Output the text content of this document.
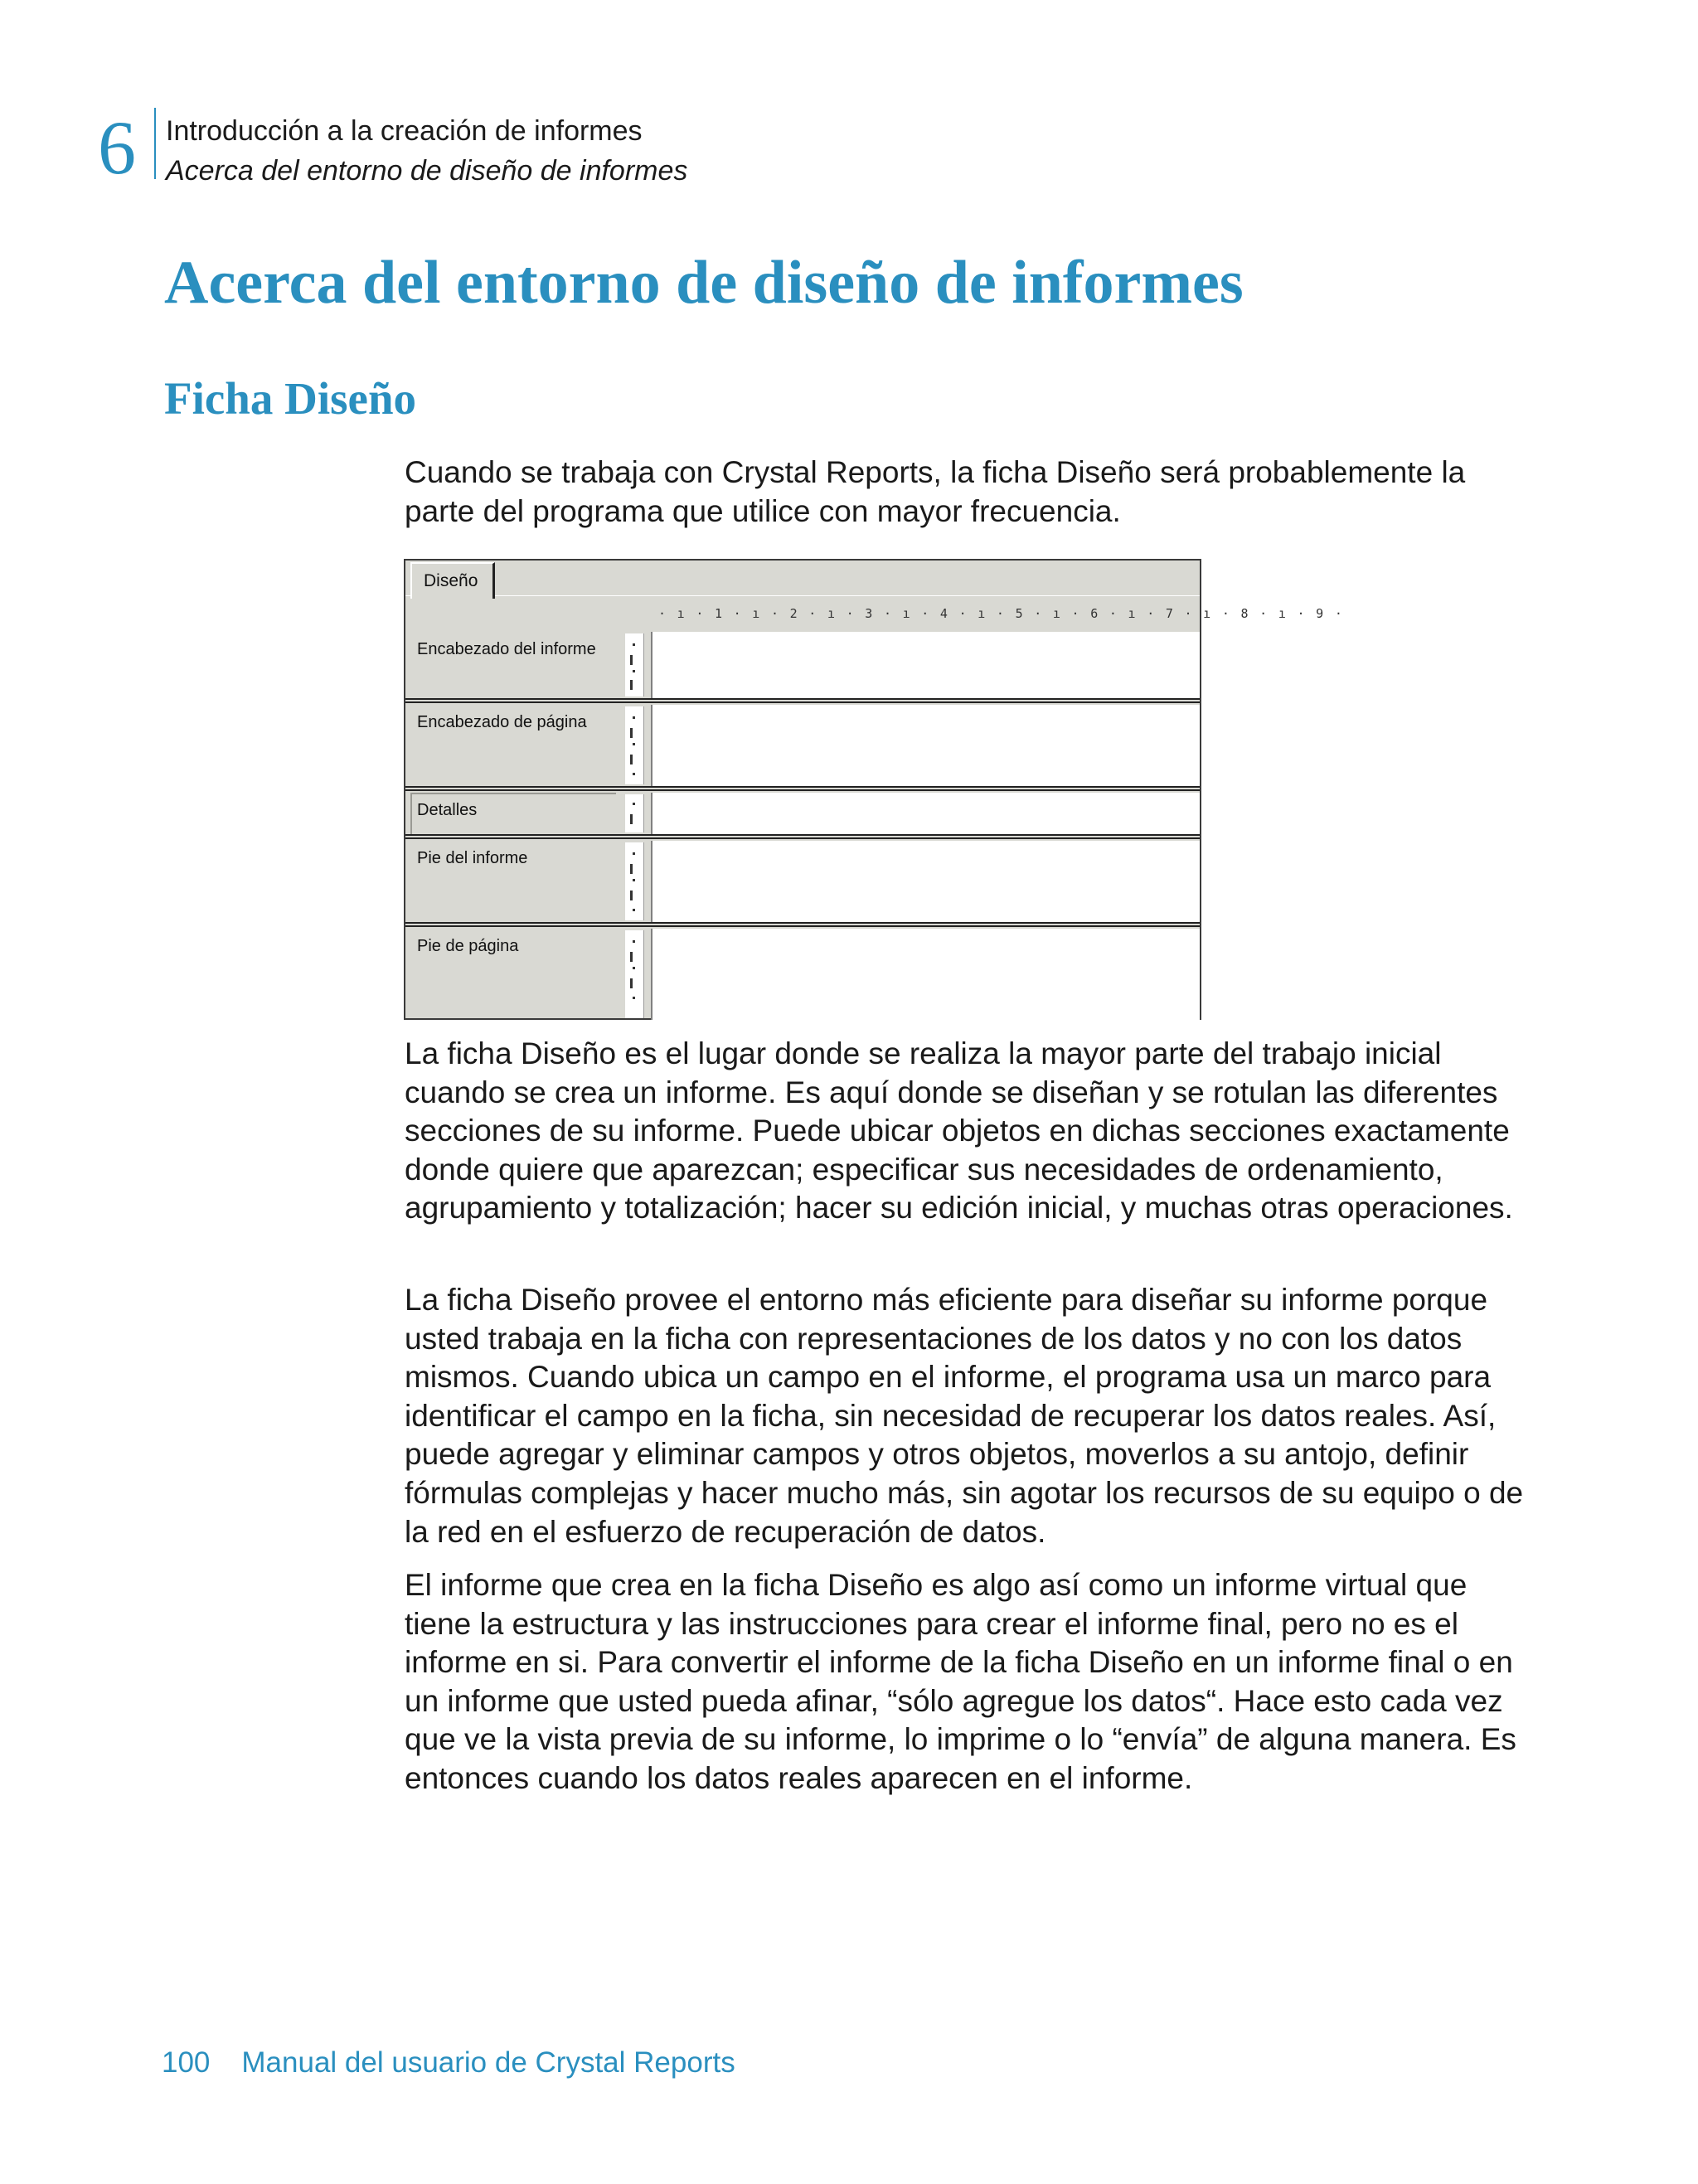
6 Introducción a la creación de informes
Acerca del entorno de diseño de informes
Acerca del entorno de diseño de informes
Ficha Diseño

Cuando se trabaja con Crystal Reports, la ficha Diseño será probablemente la parte del programa que utilice con mayor frecuencia.

Diseño
· ı · 1 · ı · 2 · ı · 3 · ı · 4 · ı · 5 · ı · 6 · ı · 7 · ı · 8 · ı · 9 ·
Encabezado del informe
Encabezado de página
Detalles
Pie del informe
Pie de página

La ficha Diseño es el lugar donde se realiza la mayor parte del trabajo inicial cuando se crea un informe. Es aquí donde se diseñan y se rotulan las diferentes secciones de su informe. Puede ubicar objetos en dichas secciones exactamente donde quiere que aparezcan; especificar sus necesidades de ordenamiento, agrupamiento y totalización; hacer su edición inicial, y muchas otras operaciones.

La ficha Diseño provee el entorno más eficiente para diseñar su informe porque usted trabaja en la ficha con representaciones de los datos y no con los datos mismos. Cuando ubica un campo en el informe, el programa usa un marco para identificar el campo en la ficha, sin necesidad de recuperar los datos reales. Así, puede agregar y eliminar campos y otros objetos, moverlos a su antojo, definir fórmulas complejas y hacer mucho más, sin agotar los recursos de su equipo o de la red en el esfuerzo de recuperación de datos.

El informe que crea en la ficha Diseño es algo así como un informe virtual que tiene la estructura y las instrucciones para crear el informe final, pero no es el informe en si. Para convertir el informe de la ficha Diseño en un informe final o en un informe que usted pueda afinar, “sólo agregue los datos“. Hace esto cada vez que ve la vista previa de su informe, lo imprime o lo “envía” de alguna manera. Es entonces cuando los datos reales aparecen en el informe.

100 Manual del usuario de Crystal Reports
